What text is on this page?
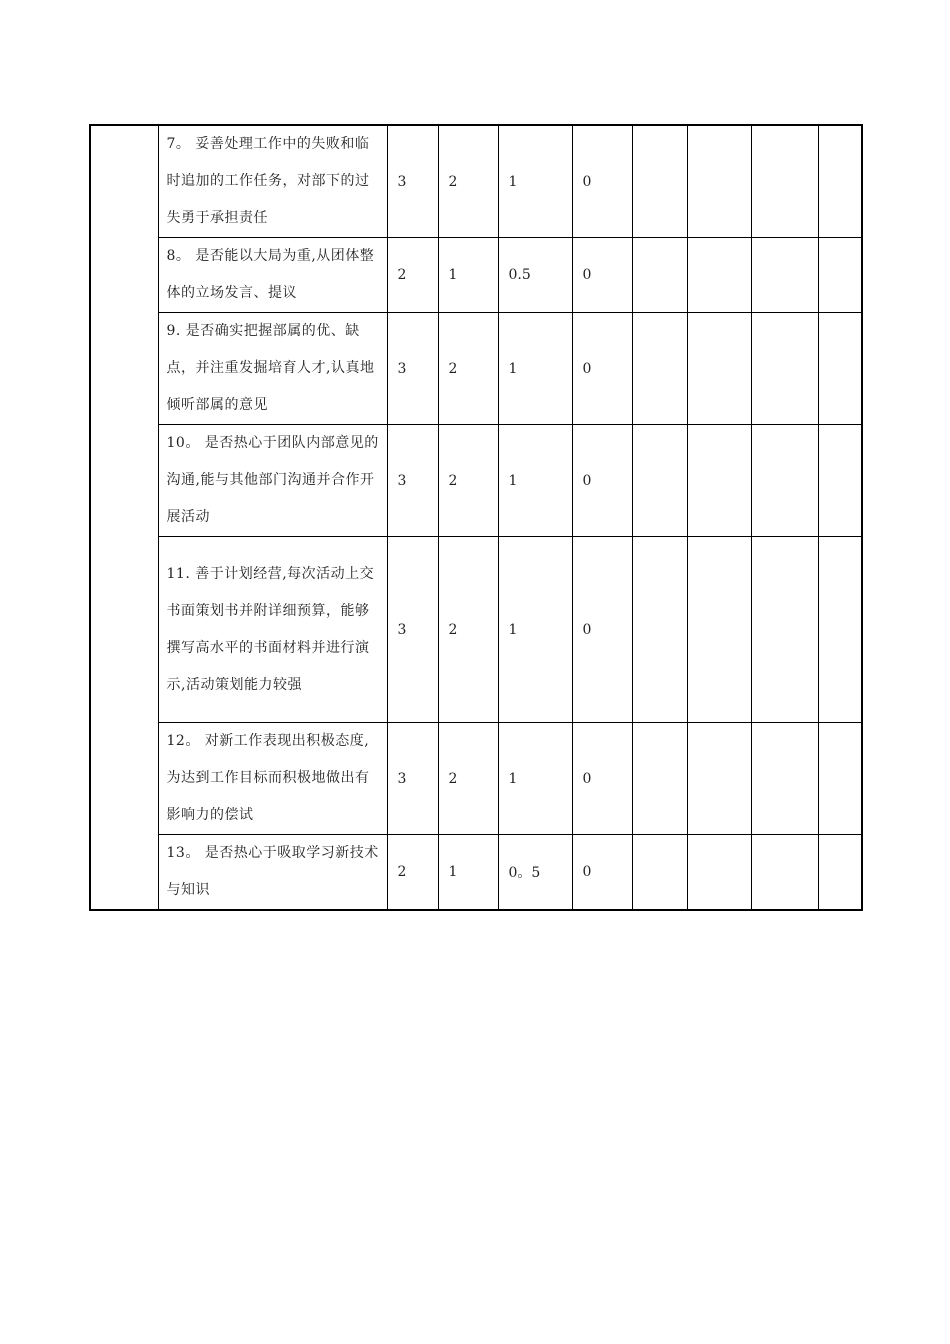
	7。 妥善处理工作中的失败和临时追加的工作任务，对部下的过失勇于承担责任	3	2	1	0				
	8。 是否能以大局为重,从团体整体的立场发言、提议	2	1	0.5	0				
	9. 是否确实把握部属的优、缺点，并注重发掘培育人才,认真地倾听部属的意见	3	2	1	0				
	10。 是否热心于团队内部意见的沟通,能与其他部门沟通并合作开展活动	3	2	1	0				
	11. 善于计划经营,每次活动上交书面策划书并附详细预算，能够撰写高水平的书面材料并进行演示,活动策划能力较强	3	2	1	0				
	12。 对新工作表现出积极态度,为达到工作目标而积极地做出有影响力的偿试	3	2	1	0				
	13。 是否热心于吸取学习新技术与知识	2	1	0。5	0				
